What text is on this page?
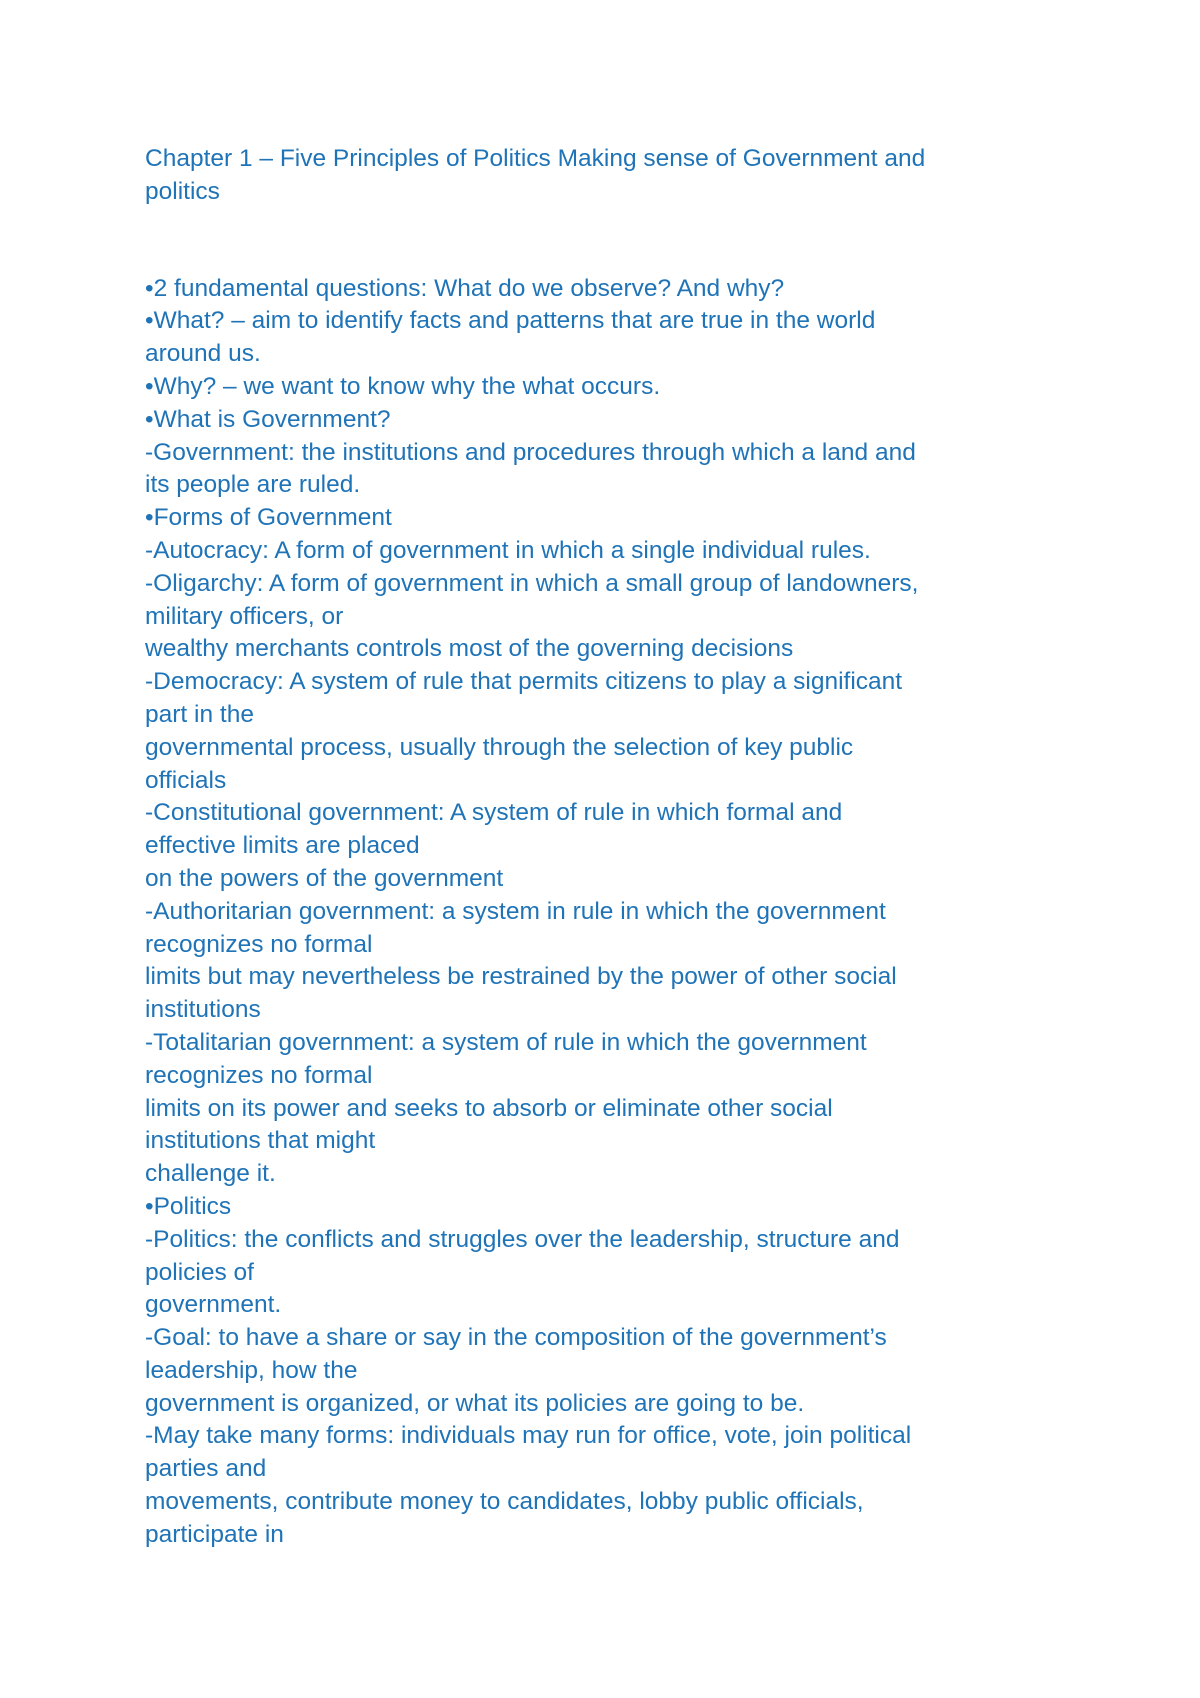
Chapter 1 – Five Principles of Politics Making sense of Government and
politics
•2 fundamental questions: What do we observe? And why?
•What? – aim to identify facts and patterns that are true in the world
around us.
•Why? – we want to know why the what occurs.
•What is Government?
-Government: the institutions and procedures through which a land and
its people are ruled.
•Forms of Government
-Autocracy: A form of government in which a single individual rules.
-Oligarchy: A form of government in which a small group of landowners,
military officers, or
wealthy merchants controls most of the governing decisions
-Democracy: A system of rule that permits citizens to play a significant
part in the
governmental process, usually through the selection of key public
officials
-Constitutional government: A system of rule in which formal and
effective limits are placed
on the powers of the government
-Authoritarian government: a system in rule in which the government
recognizes no formal
limits but may nevertheless be restrained by the power of other social
institutions
-Totalitarian government: a system of rule in which the government
recognizes no formal
limits on its power and seeks to absorb or eliminate other social
institutions that might
challenge it.
•Politics
-Politics: the conflicts and struggles over the leadership, structure and
policies of
government.
-Goal: to have a share or say in the composition of the government’s
leadership, how the
government is organized, or what its policies are going to be.
-May take many forms: individuals may run for office, vote, join political
parties and
movements, contribute money to candidates, lobby public officials,
participate in
